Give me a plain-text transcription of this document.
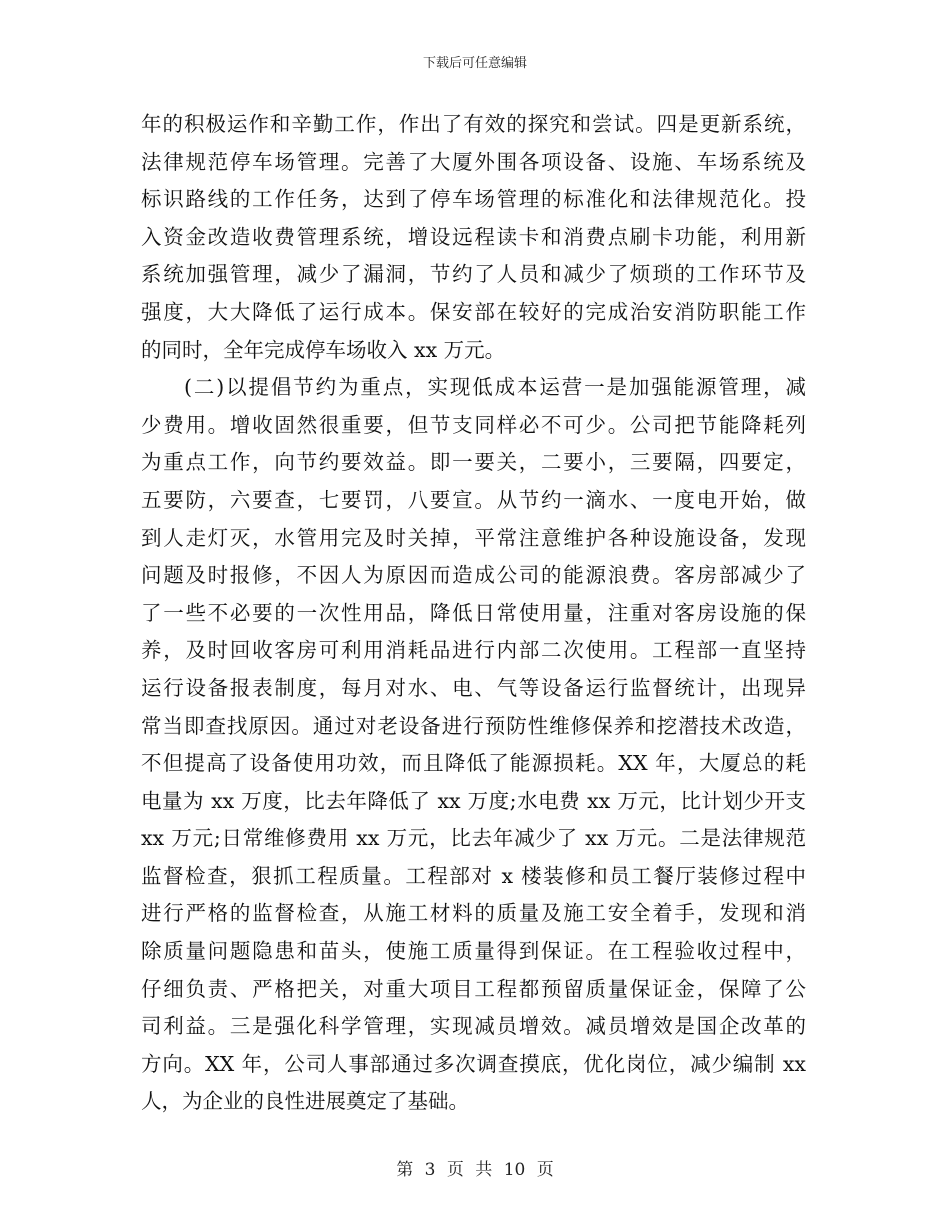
下载后可任意编辑
年的积极运作和辛勤工作，作出了有效的探究和尝试。四是更新系统，
法律规范停车场管理。完善了大厦外围各项设备、设施、车场系统及
标识路线的工作任务，达到了停车场管理的标准化和法律规范化。投
入资金改造收费管理系统，增设远程读卡和消费点刷卡功能，利用新
系统加强管理，减少了漏洞，节约了人员和减少了烦琐的工作环节及
强度，大大降低了运行成本。保安部在较好的完成治安消防职能工作
的同时，全年完成停车场收入 xx 万元。
(二)以提倡节约为重点，实现低成本运营一是加强能源管理，减
少费用。增收固然很重要，但节支同样必不可少。公司把节能降耗列
为重点工作，向节约要效益。即一要关，二要小，三要隔，四要定，
五要防，六要查，七要罚，八要宣。从节约一滴水、一度电开始，做
到人走灯灭，水管用完及时关掉，平常注意维护各种设施设备，发现
问题及时报修，不因人为原因而造成公司的能源浪费。客房部减少了
了一些不必要的一次性用品，降低日常使用量，注重对客房设施的保
养，及时回收客房可利用消耗品进行内部二次使用。工程部一直坚持
运行设备报表制度，每月对水、电、气等设备运行监督统计，出现异
常当即查找原因。通过对老设备进行预防性维修保养和挖潜技术改造，
不但提高了设备使用功效，而且降低了能源损耗。XX 年，大厦总的耗
电量为 xx 万度，比去年降低了 xx 万度;水电费 xx 万元，比计划少开支
xx 万元;日常维修费用 xx 万元，比去年减少了 xx 万元。二是法律规范
监督检查，狠抓工程质量。工程部对 x 楼装修和员工餐厅装修过程中
进行严格的监督检查，从施工材料的质量及施工安全着手，发现和消
除质量问题隐患和苗头，使施工质量得到保证。在工程验收过程中，
仔细负责、严格把关，对重大项目工程都预留质量保证金，保障了公
司利益。三是强化科学管理，实现减员增效。减员增效是国企改革的
方向。XX 年，公司人事部通过多次调查摸底，优化岗位，减少编制 xx
人，为企业的良性进展奠定了基础。
第 3 页 共 10 页
